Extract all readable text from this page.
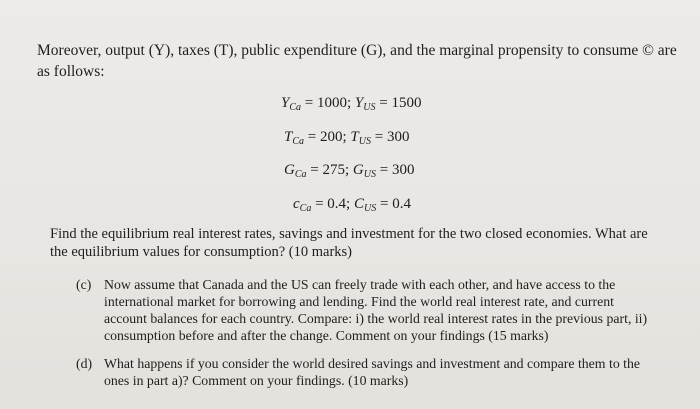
Moreover, output (Y), taxes (T), public expenditure (G), and the marginal propensity to consume © are as follows:
$Y_{Ca} = 1000$; $Y_{US} = 1500$
$T_{Ca} = 200$; $T_{US} = 300$
$G_{Ca} = 275$; $G_{US} = 300$
$c_{Ca} = 0.4$; $C_{US} = 0.4$
Find the equilibrium real interest rates, savings and investment for the two closed economies. What are the equilibrium values for consumption? (10 marks)
(c) Now assume that Canada and the US can freely trade with each other, and have access to the international market for borrowing and lending. Find the world real interest rate, and current account balances for each country. Compare: i) the world real interest rates in the previous part, ii) consumption before and after the change. Comment on your findings (15 marks)
(d) What happens if you consider the world desired savings and investment and compare them to the ones in part a)? Comment on your findings. (10 marks)
